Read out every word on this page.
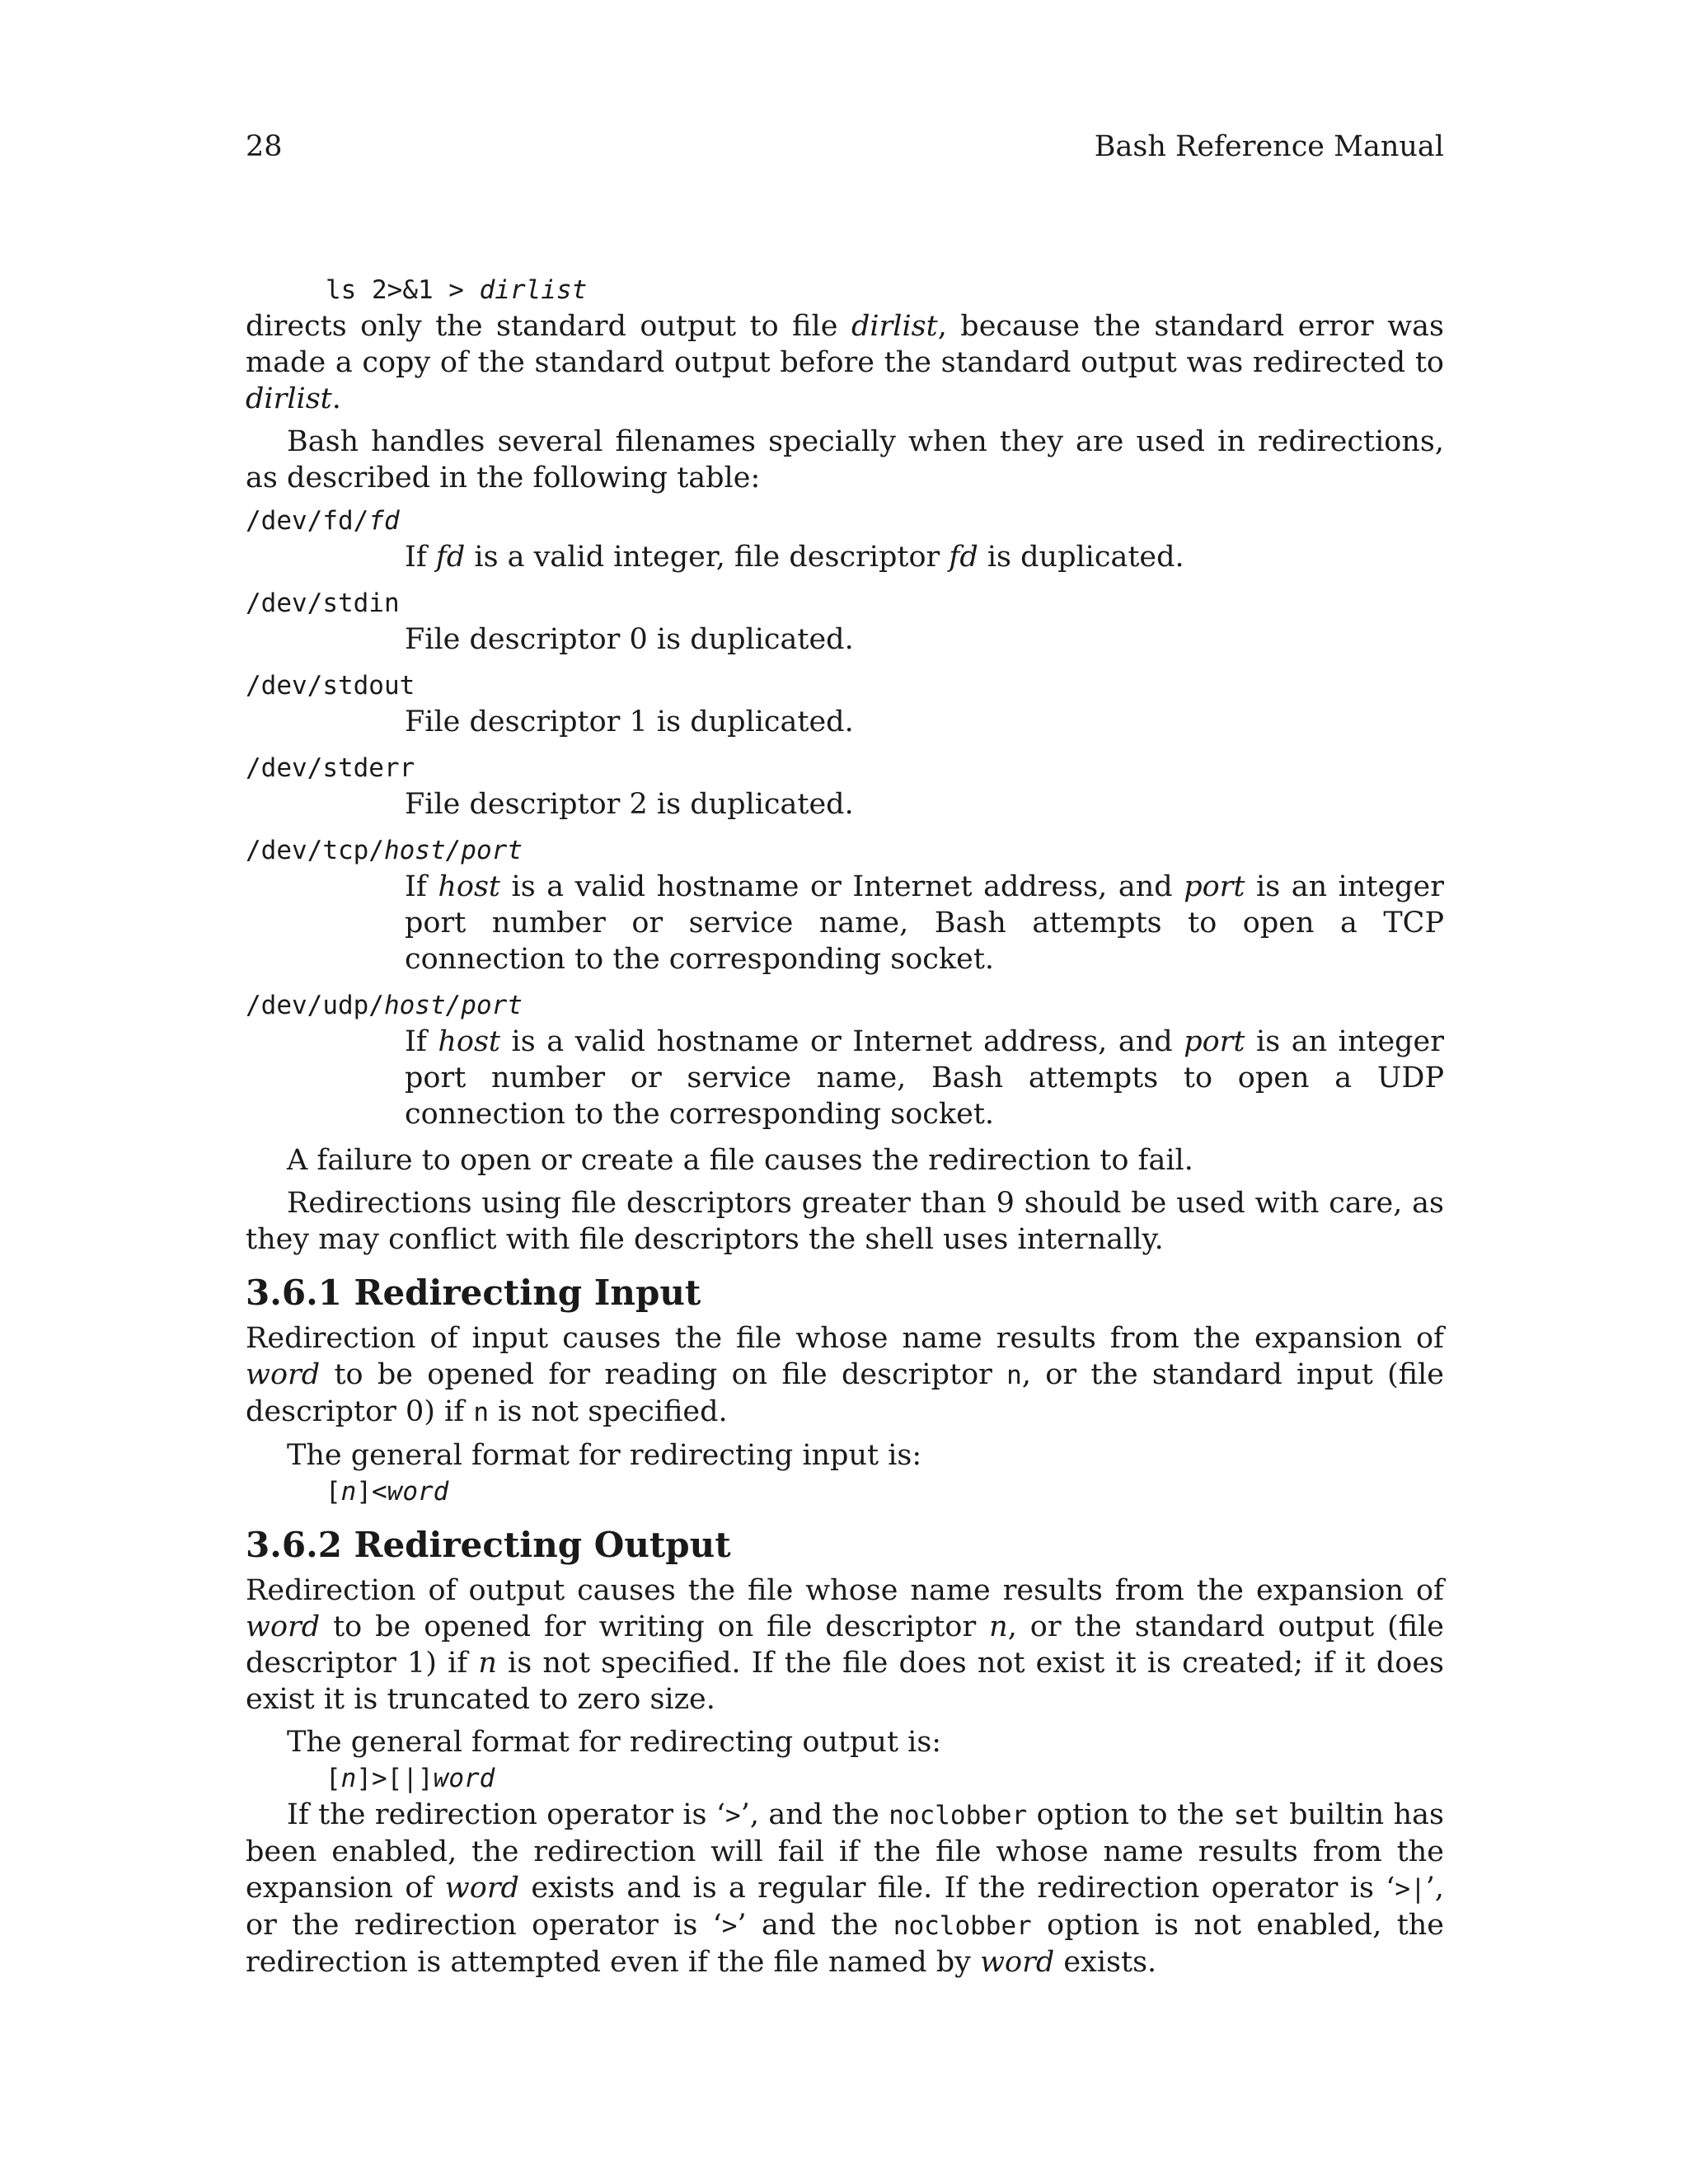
28	Bash Reference Manual

ls 2>&1 > dirlist

directs only the standard output to file dirlist, because the standard error was made a copy of the standard output before the standard output was redirected to dirlist.

Bash handles several filenames specially when they are used in redirections, as described in the following table:

/dev/fd/fd

If fd is a valid integer, file descriptor fd is duplicated.

/dev/stdin

File descriptor 0 is duplicated.

/dev/stdout

File descriptor 1 is duplicated.

/dev/stderr

File descriptor 2 is duplicated.

/dev/tcp/host/port

If host is a valid hostname or Internet address, and port is an integer port number or service name, Bash attempts to open a TCP connection to the corresponding socket.

/dev/udp/host/port

If host is a valid hostname or Internet address, and port is an integer port number or service name, Bash attempts to open a UDP connection to the corresponding socket.

A failure to open or create a file causes the redirection to fail.

Redirections using file descriptors greater than 9 should be used with care, as they may conflict with file descriptors the shell uses internally.

3.6.1 Redirecting Input

Redirection of input causes the file whose name results from the expansion of word to be opened for reading on file descriptor n, or the standard input (file descriptor 0) if n is not specified.

The general format for redirecting input is:

[n]<word

3.6.2 Redirecting Output

Redirection of output causes the file whose name results from the expansion of word to be opened for writing on file descriptor n, or the standard output (file descriptor 1) if n is not specified. If the file does not exist it is created; if it does exist it is truncated to zero size.

The general format for redirecting output is:

[n]>[|]word

If the redirection operator is ‘>’, and the noclobber option to the set builtin has been enabled, the redirection will fail if the file whose name results from the expansion of word exists and is a regular file. If the redirection operator is ‘>|’, or the redirection operator is ‘>’ and the noclobber option is not enabled, the redirection is attempted even if the file named by word exists.
